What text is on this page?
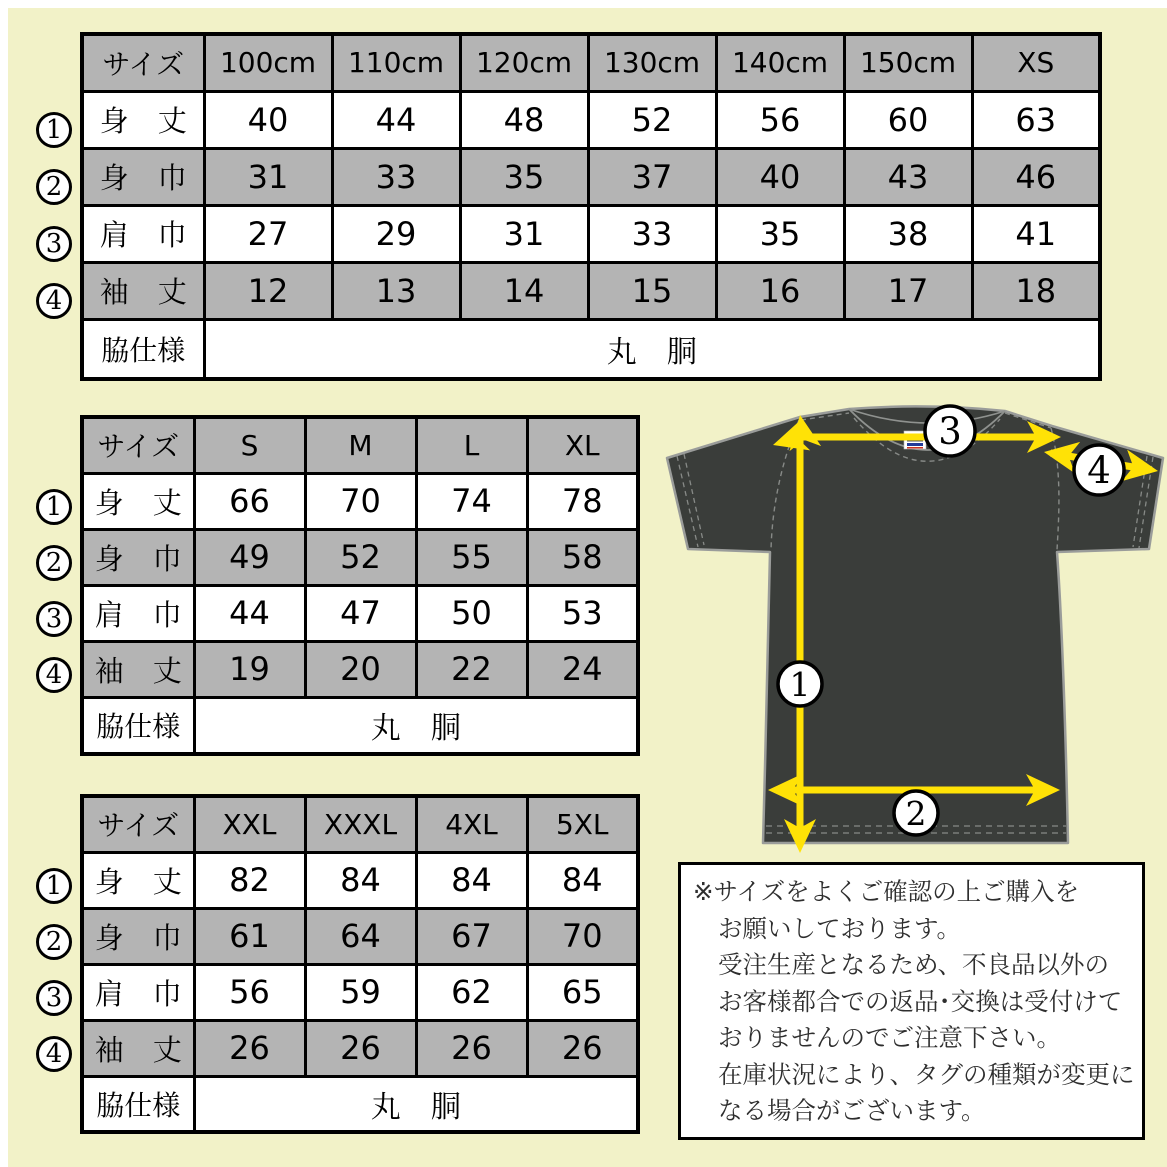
サイズ	100cm	110cm	120cm	130cm	140cm	150cm	XS
身　丈	40	44	48	52	56	60	63
身　巾	31	33	35	37	40	43	46
肩　巾	27	29	31	33	35	38	41
袖　丈	12	13	14	15	16	17	18
脇仕様	丸　胴						
サイズ	S	M	L	XL
身　丈	66	70	74	78
身　巾	49	52	55	58
肩　巾	44	47	50	53
袖　丈	19	20	22	24
脇仕様	丸　胴			
サイズ	XXL	XXXL	4XL	5XL
身　丈	82	84	84	84
身　巾	61	64	67	70
肩　巾	56	59	62	65
袖　丈	26	26	26	26
脇仕様	丸　胴			
1
2
3
4
1
2
3
4
1
2
3
4
3
4
1
2
※サイズをよくご確認の上ご購入を
お願いしております。
受注生産となるため、不良品以外の
お客様都合での返品･交換は受付けて
おりませんのでご注意下さい。
在庫状況により、タグの種類が変更に
なる場合がございます。
